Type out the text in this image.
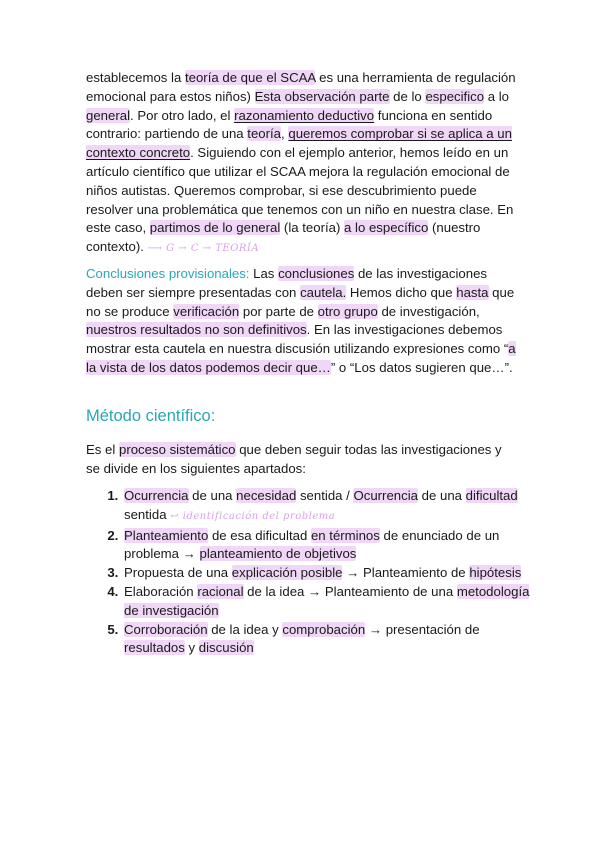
establecemos la teoría de que el SCAA es una herramienta de regulación emocional para estos niños) Esta observación parte de lo especifico a lo general. Por otro lado, el razonamiento deductivo funciona en sentido contrario: partiendo de una teoría, queremos comprobar si se aplica a un contexto concreto. Siguiendo con el ejemplo anterior, hemos leído en un artículo científico que utilizar el SCAA mejora la regulación emocional de niños autistas. Queremos comprobar, si ese descubrimiento puede resolver una problemática que tenemos con un niño en nuestra clase. En este caso, partimos de lo general (la teoría) a lo específico (nuestro contexto). ⟶ G → C → TEORÍA

Conclusiones provisionales: Las conclusiones de las investigaciones deben ser siempre presentadas con cautela. Hemos dicho que hasta que no se produce verificación por parte de otro grupo de investigación, nuestros resultados no son definitivos. En las investigaciones debemos mostrar esta cautela en nuestra discusión utilizando expresiones como “a la vista de los datos podemos decir que…” o “Los datos sugieren que…”.

Método científico:

Es el proceso sistemático que deben seguir todas las investigaciones y se divide en los siguientes apartados:

1. Ocurrencia de una necesidad sentida / Ocurrencia de una dificultad sentida ↩ identificación del problema
2. Planteamiento de esa dificultad en términos de enunciado de un problema → planteamiento de objetivos
3. Propuesta de una explicación posible → Planteamiento de hipótesis
4. Elaboración racional de la idea → Planteamiento de una metodología de investigación
5. Corroboración de la idea y comprobación → presentación de resultados y discusión
